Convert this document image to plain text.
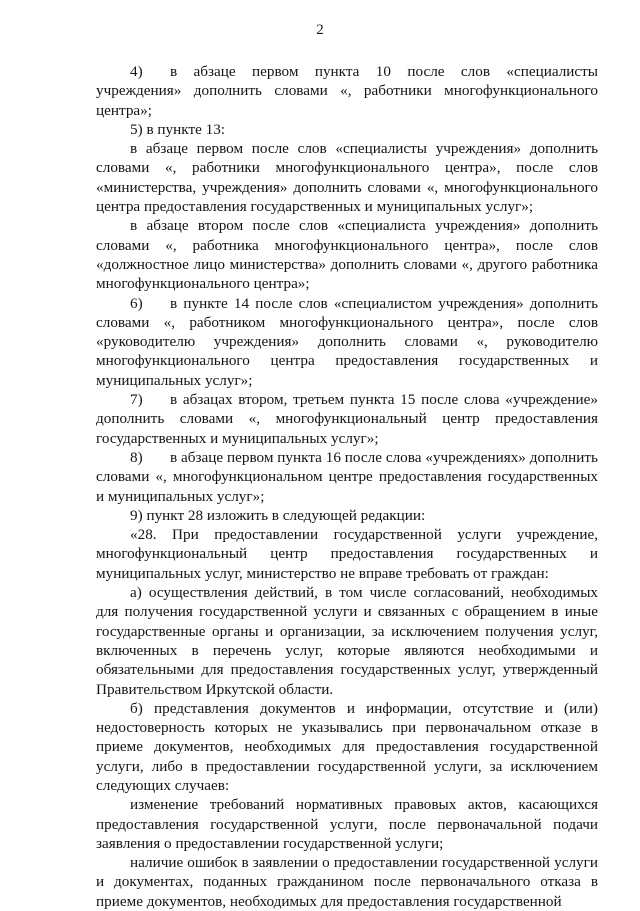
2

4) в абзаце первом пункта 10 после слов «специалисты учреждения» дополнить словами «, работники многофункционального центра»;

5) в пункте 13:

в абзаце первом после слов «специалисты учреждения» дополнить словами «, работники многофункционального центра», после слов «министерства, учреждения» дополнить словами «, многофункционального центра предоставления государственных и муниципальных услуг»;

в абзаце втором после слов «специалиста учреждения» дополнить словами «, работника многофункционального центра», после слов «должностное лицо министерства» дополнить словами «, другого работника многофункционального центра»;

6) в пункте 14 после слов «специалистом учреждения» дополнить словами «, работником многофункционального центра», после слов «руководителю учреждения» дополнить словами «, руководителю многофункционального центра предоставления государственных и муниципальных услуг»;

7) в абзацах втором, третьем пункта 15 после слова «учреждение» дополнить словами «, многофункциональный центр предоставления государственных и муниципальных услуг»;

8) в абзаце первом пункта 16 после слова «учреждениях» дополнить словами «, многофункциональном центре предоставления государственных и муниципальных услуг»;

9) пункт 28 изложить в следующей редакции:

«28. При предоставлении государственной услуги учреждение, многофункциональный центр предоставления государственных и муниципальных услуг, министерство не вправе требовать от граждан:

а) осуществления действий, в том числе согласований, необходимых для получения государственной услуги и связанных с обращением в иные государственные органы и организации, за исключением получения услуг, включенных в перечень услуг, которые являются необходимыми и обязательными для предоставления государственных услуг, утвержденный Правительством Иркутской области.

б) представления документов и информации, отсутствие и (или) недостоверность которых не указывались при первоначальном отказе в приеме документов, необходимых для предоставления государственной услуги, либо в предоставлении государственной услуги, за исключением следующих случаев:

изменение требований нормативных правовых актов, касающихся предоставления государственной услуги, после первоначальной подачи заявления о предоставлении государственной услуги;

наличие ошибок в заявлении о предоставлении государственной услуги и документах, поданных гражданином после первоначального отказа в приеме документов, необходимых для предоставления государственной
